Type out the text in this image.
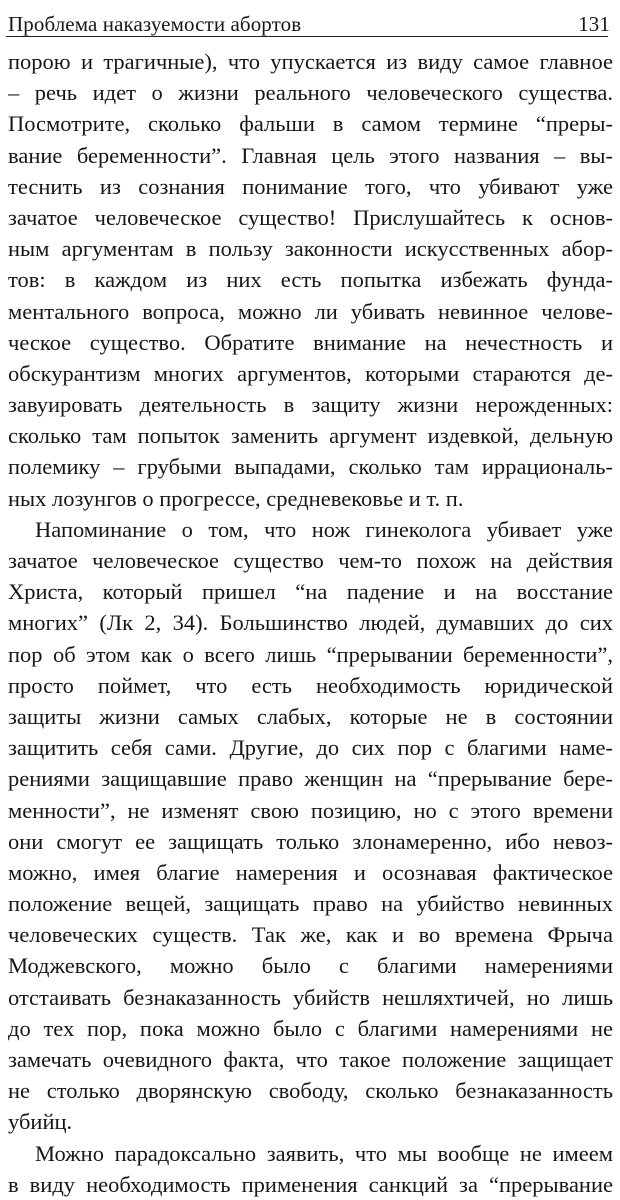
Проблема наказуемости абортов	131
порою и трагичные), что упускается из виду самое главное
– речь идет о жизни реального человеческого существа.
Посмотрите, сколько фальши в самом термине “преры-
вание беременности”. Главная цель этого названия – вы-
теснить из сознания понимание того, что убивают уже
зачатое человеческое существо! Прислушайтесь к основ-
ным аргументам в пользу законности искусственных абор-
тов: в каждом из них есть попытка избежать фунда-
ментального вопроса, можно ли убивать невинное челове-
ческое существо. Обратите внимание на нечестность и
обскурантизм многих аргументов, которыми стараются де-
завуировать деятельность в защиту жизни нерожденных:
сколько там попыток заменить аргумент издевкой, дельную
полемику – грубыми выпадами, сколько там иррациональ-
ных лозунгов о прогрессе, средневековье и т. п.
Напоминание о том, что нож гинеколога убивает уже
зачатое человеческое существо чем-то похож на действия
Христа, который пришел “на падение и на восстание
многих” (Лк 2, 34). Большинство людей, думавших до сих
пор об этом как о всего лишь “прерывании беременности”,
просто поймет, что есть необходимость юридической
защиты жизни самых слабых, которые не в состоянии
защитить себя сами. Другие, до сих пор с благими наме-
рениями защищавшие право женщин на “прерывание бере-
менности”, не изменят свою позицию, но с этого времени
они смогут ее защищать только злонамеренно, ибо невоз-
можно, имея благие намерения и осознавая фактическое
положение вещей, защищать право на убийство невинных
человеческих существ. Так же, как и во времена Фрыча
Моджевского, можно было с благими намерениями
отстаивать безнаказанность убийств нешляхтичей, но лишь
до тех пор, пока можно было с благими намерениями не
замечать очевидного факта, что такое положение защищает
не столько дворянскую свободу, сколько безнаказанность
убийц.
Можно парадоксально заявить, что мы вообще не имеем
в виду необходимость применения санкций за “прерывание
